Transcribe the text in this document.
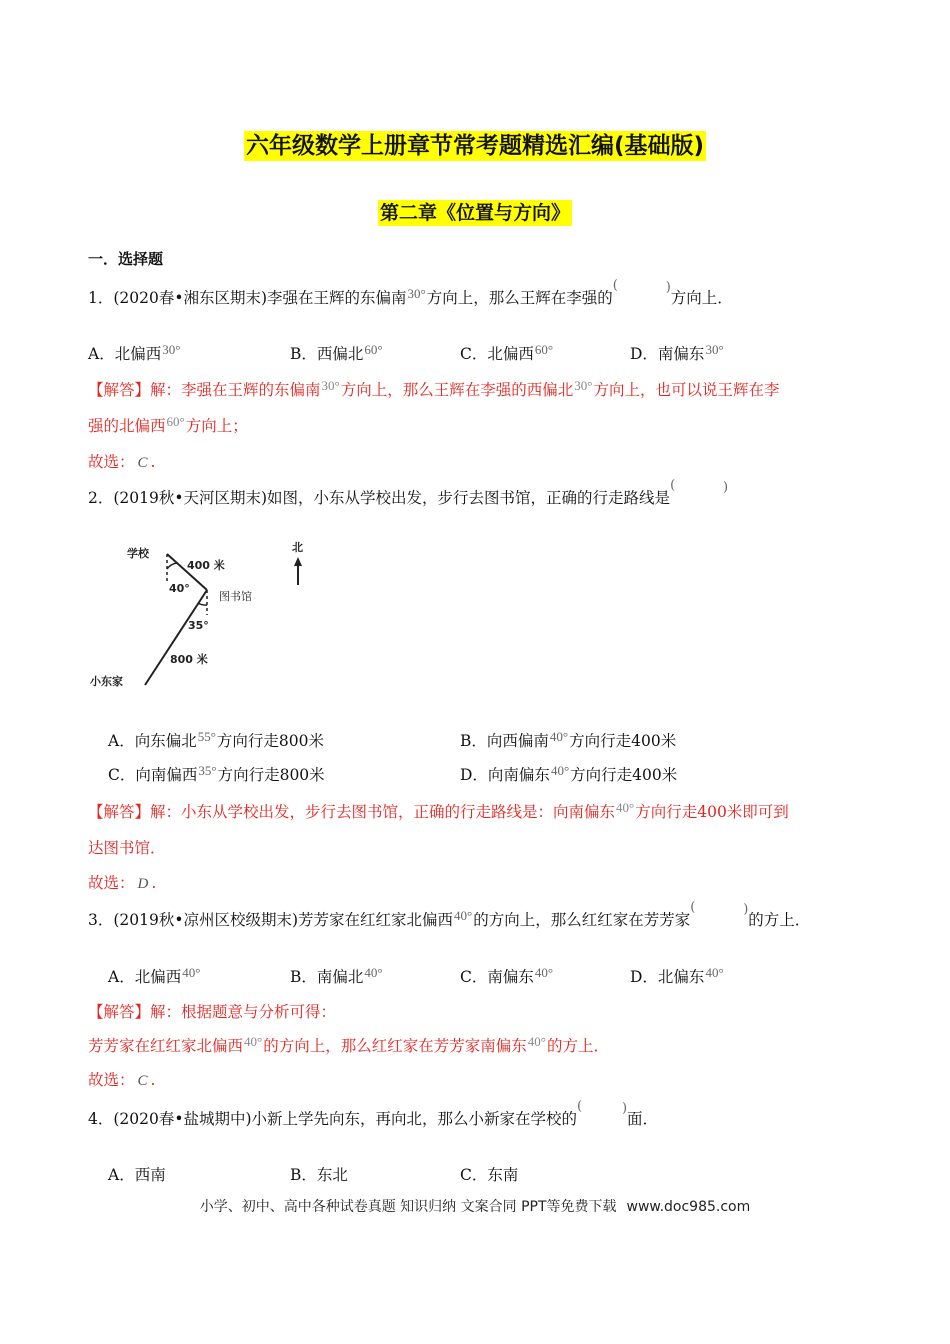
六年级数学上册章节常考题精选汇编(基础版)
第二章《位置与方向》
一．选择题
1．(2020春•湘东区期末)李强在王辉的东偏南$^{30^\circ}$方向上，那么王辉在李强的	方向上．
A．北偏西$^{30^\circ}$	B．西偏北$^{60^\circ}$	C．北偏西$^{60^\circ}$	D．南偏东$^{30^\circ}$
【解答】解：李强在王辉的东偏南$^{30^\circ}$方向上，那么王辉在李强的西偏北$^{30^\circ}$方向上，也可以说王辉在李
强的北偏西$^{60^\circ}$方向上；
故选： C .
2．(2019秋•天河区期末)如图，小东从学校出发，步行去图书馆，正确的行走路线是
学校
400 米
40°
图书馆
35°
800 米
小东家
北
A．向东偏北$^{55^\circ}$方向行走800米	B．向西偏南$^{40^\circ}$方向行走400米
C．向南偏西$^{35^\circ}$方向行走800米	D．向南偏东$^{40^\circ}$方向行走400米
【解答】解：小东从学校出发，步行去图书馆，正确的行走路线是：向南偏东$^{40^\circ}$方向行走400米即可到
达图书馆．
故选： D .
3．(2019秋•凉州区校级期末)芳芳家在红红家北偏西$^{40^\circ}$的方向上，那么红红家在芳芳家	的方上．
A．北偏西$^{40^\circ}$	B．南偏北$^{40^\circ}$	C．南偏东$^{40^\circ}$	D．北偏东$^{40^\circ}$
【解答】解：根据题意与分析可得：
芳芳家在红红家北偏西$^{40^\circ}$的方向上，那么红红家在芳芳家南偏东$^{40^\circ}$的方上．
故选： C .
4．(2020春•盐城期中)小新上学先向东，再向北，那么小新家在学校的	面．
A．西南	B．东北	C．东南
小学、初中、高中各种试卷真题 知识归纳 文案合同 PPT等免费下载 www.doc985.com
